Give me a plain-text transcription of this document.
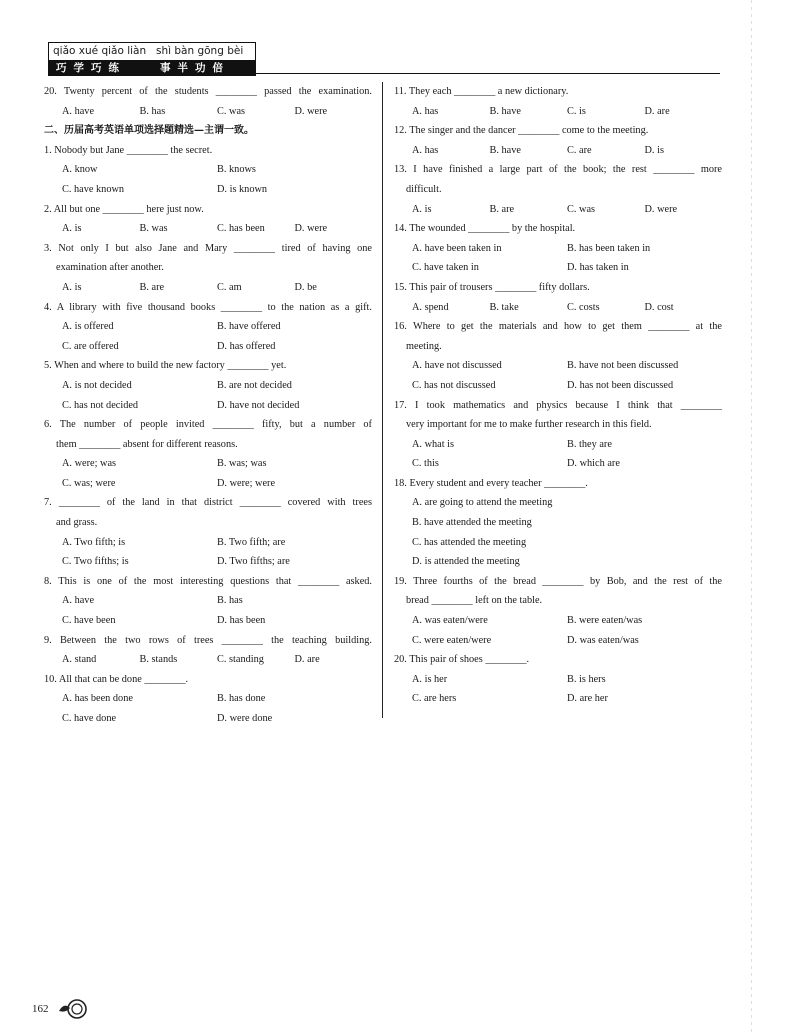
qiǎo xué qiǎo liàn shì bàn gōng bèi
巧学巧练	事半功倍
20. Twenty percent of the students ________ passed the examination.
A. have	B. has	C. was	D. were
二、历届高考英语单项选择题精选—主谓一致。
1. Nobody but Jane ________ the secret.
A. know	B. knows
C. have known	D. is known
2. All but one ________ here just now.
A. is	B. was	C. has been	D. were
3. Not only I but also Jane and Mary ________ tired of having one
examination after another.
A. is	B. are	C. am	D. be
4. A library with five thousand books ________ to the nation as a gift.
A. is offered	B. have offered
C. are offered	D. has offered
5. When and where to build the new factory ________ yet.
A. is not decided	B. are not decided
C. has not decided	D. have not decided
6. The number of people invited ________ fifty, but a number of
them ________ absent for different reasons.
A. were; was	B. was; was
C. was; were	D. were; were
7. ________ of the land in that district ________ covered with trees
and grass.
A. Two fifth; is	B. Two fifth; are
C. Two fifths; is	D. Two fifths; are
8. This is one of the most interesting questions that ________ asked.
A. have	B. has
C. have been	D. has been
9. Between the two rows of trees ________ the teaching building.
A. stand	B. stands	C. standing	D. are
10. All that can be done ________.
A. has been done	B. has done
C. have done	D. were done
11. They each ________ a new dictionary.
A. has	B. have	C. is	D. are
12. The singer and the dancer ________ come to the meeting.
A. has	B. have	C. are	D. is
13. I have finished a large part of the book; the rest ________ more
difficult.
A. is	B. are	C. was	D. were
14. The wounded ________ by the hospital.
A. have been taken in	B. has been taken in
C. have taken in	D. has taken in
15. This pair of trousers ________ fifty dollars.
A. spend	B. take	C. costs	D. cost
16. Where to get the materials and how to get them ________ at the
meeting.
A. have not discussed	B. have not been discussed
C. has not discussed	D. has not been discussed
17. I took mathematics and physics because I think that ________
very important for me to make further research in this field.
A. what is	B. they are
C. this	D. which are
18. Every student and every teacher ________.
A. are going to attend the meeting
B. have attended the meeting
C. has attended the meeting
D. is attended the meeting
19. Three fourths of the bread ________ by Bob, and the rest of the
bread ________ left on the table.
A. was eaten/were	B. were eaten/was
C. were eaten/were	D. was eaten/was
20. This pair of shoes ________.
A. is her	B. is hers
C. are hers	D. are her
162
